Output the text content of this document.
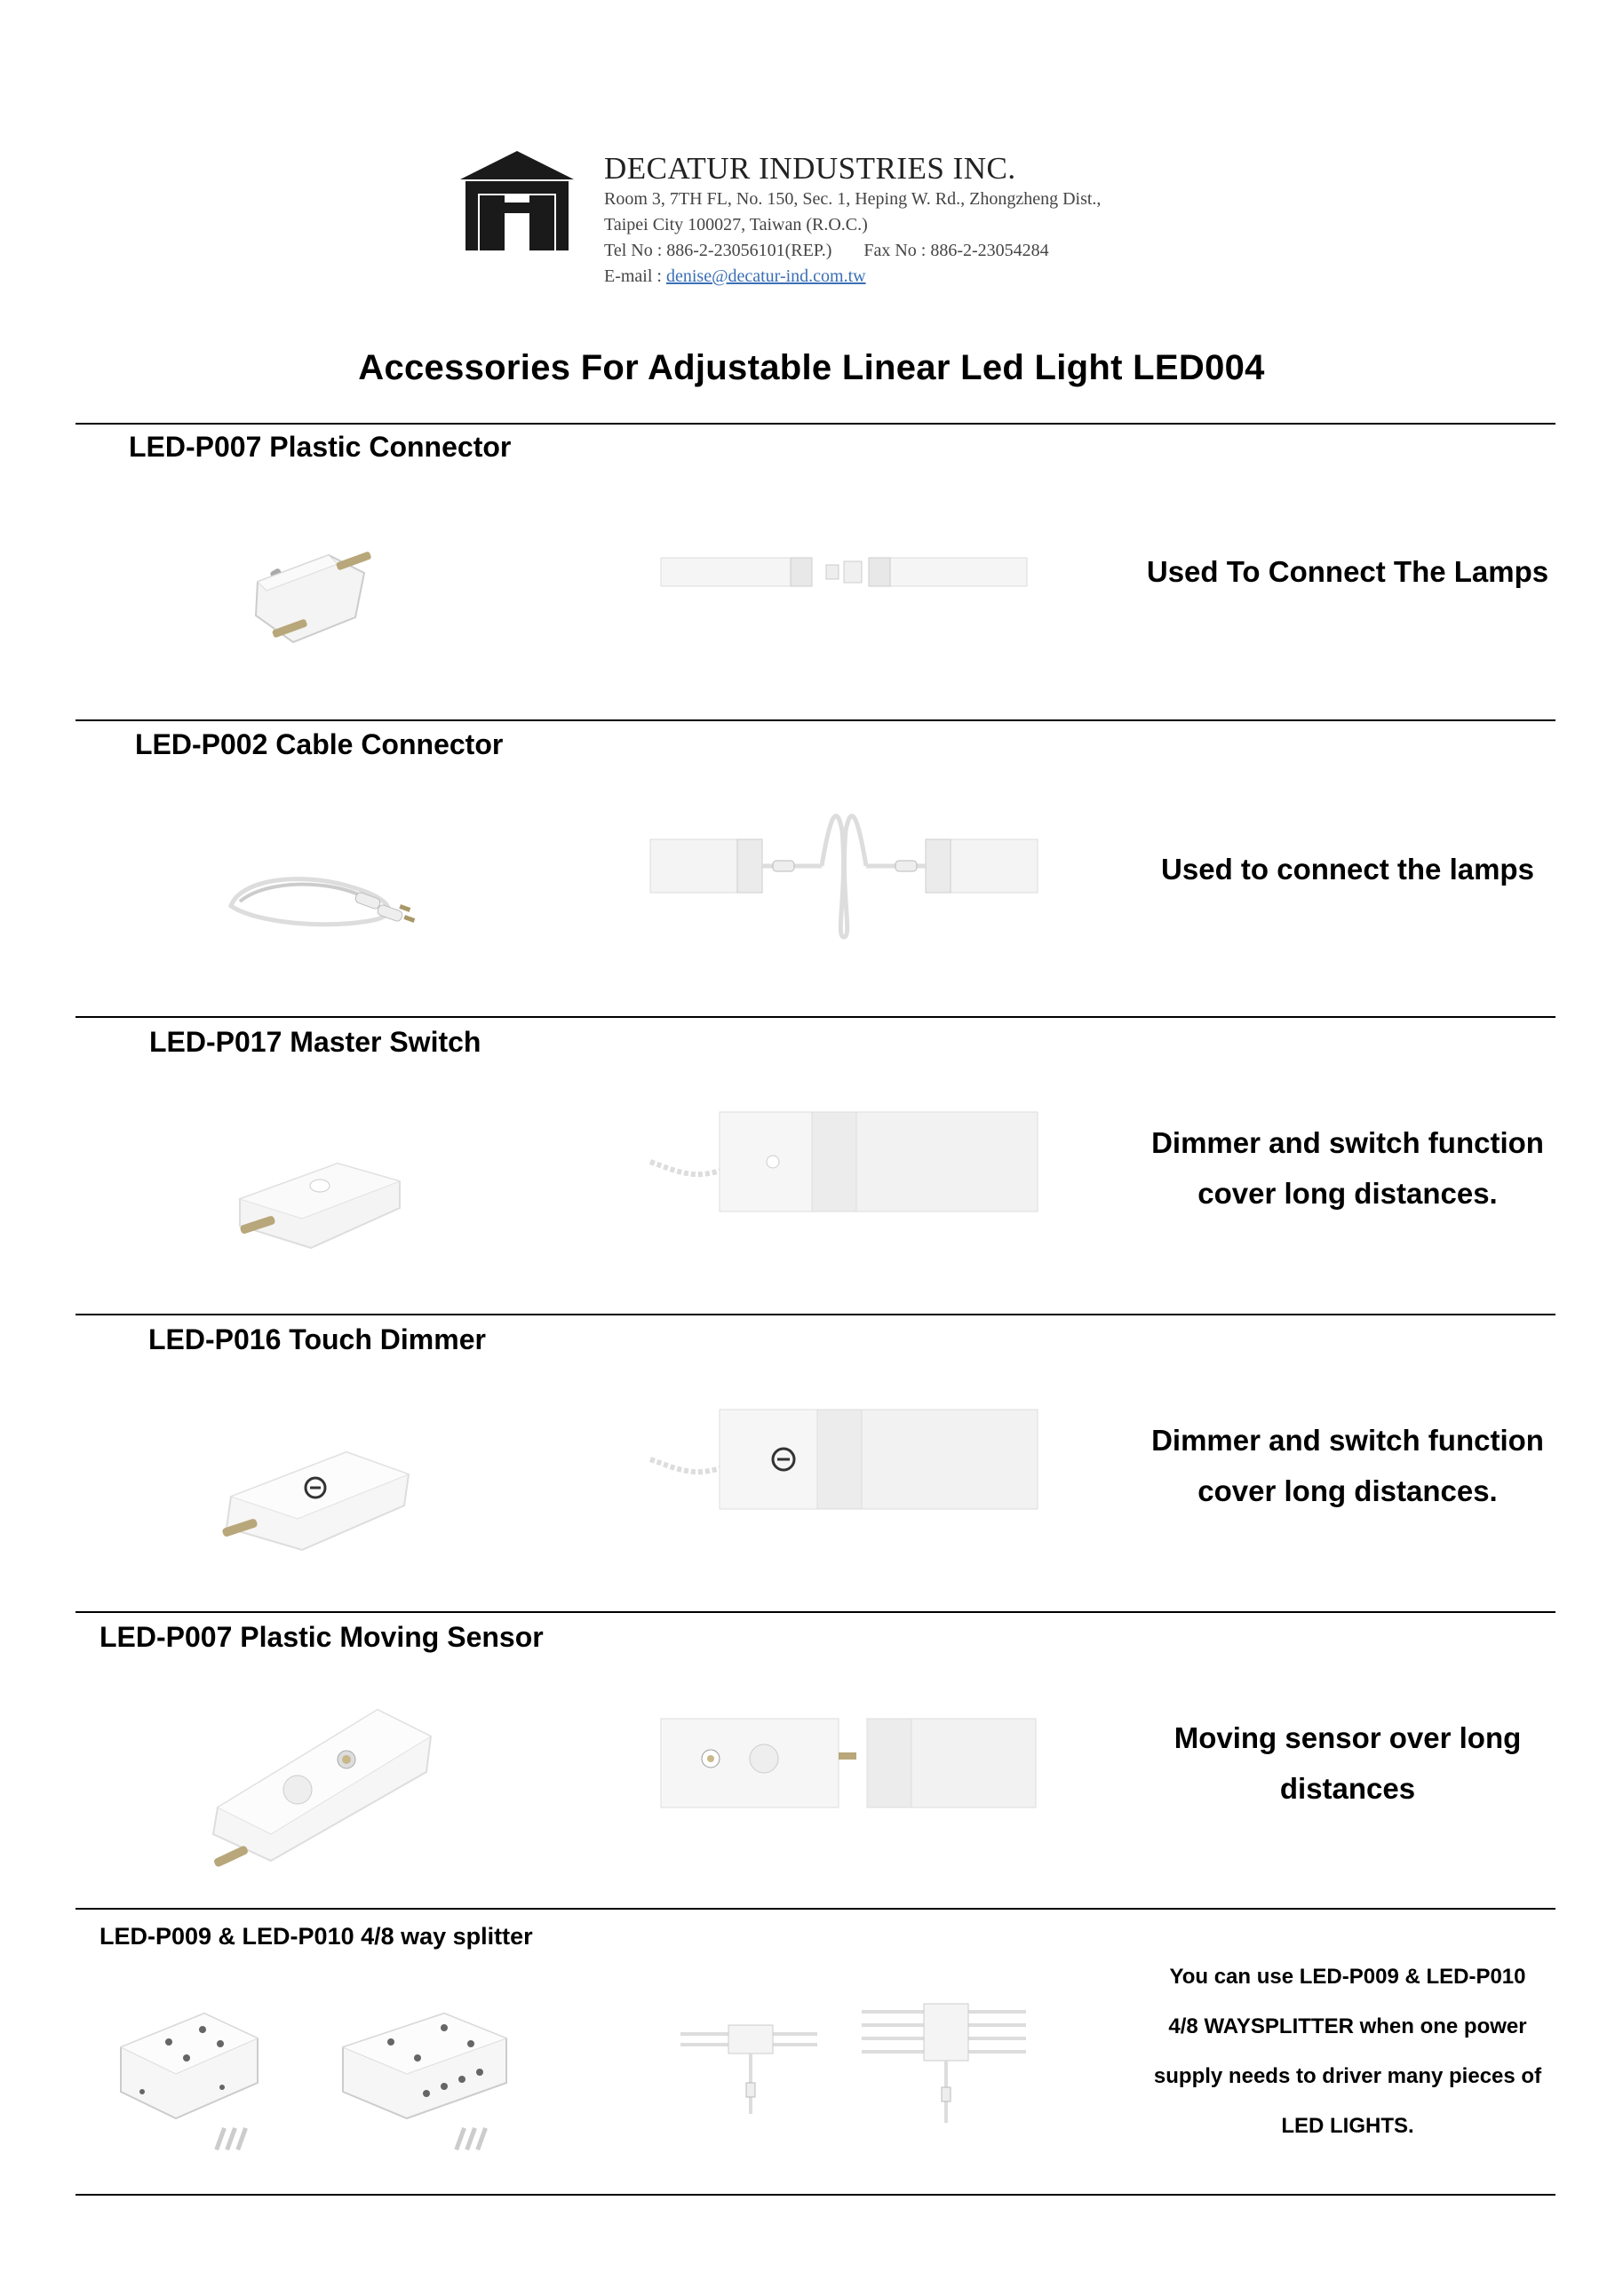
DECATUR INDUSTRIES INC.
Room 3, 7TH FL, No. 150, Sec. 1, Heping W. Rd., Zhongzheng Dist.,
Taipei City 100027, Taiwan (R.O.C.)
Tel No : 886-2-23056101(REP.) Fax No : 886-2-23054284
E-mail : denise@decatur-ind.com.tw
Accessories For Adjustable Linear Led Light LED004
LED-P007 Plastic Connector
Used To Connect The Lamps
LED-P002 Cable Connector
Used to connect the lamps
LED-P017 Master Switch
Dimmer and switch function
cover long distances.
LED-P016 Touch Dimmer
Dimmer and switch function
cover long distances.
LED-P007 Plastic Moving Sensor
Moving sensor over long
distances
LED-P009 & LED-P010 4/8 way splitter
You can use LED-P009 & LED-P010
4/8 WAYSPLITTER when one power
supply needs to driver many pieces of
LED LIGHTS.
